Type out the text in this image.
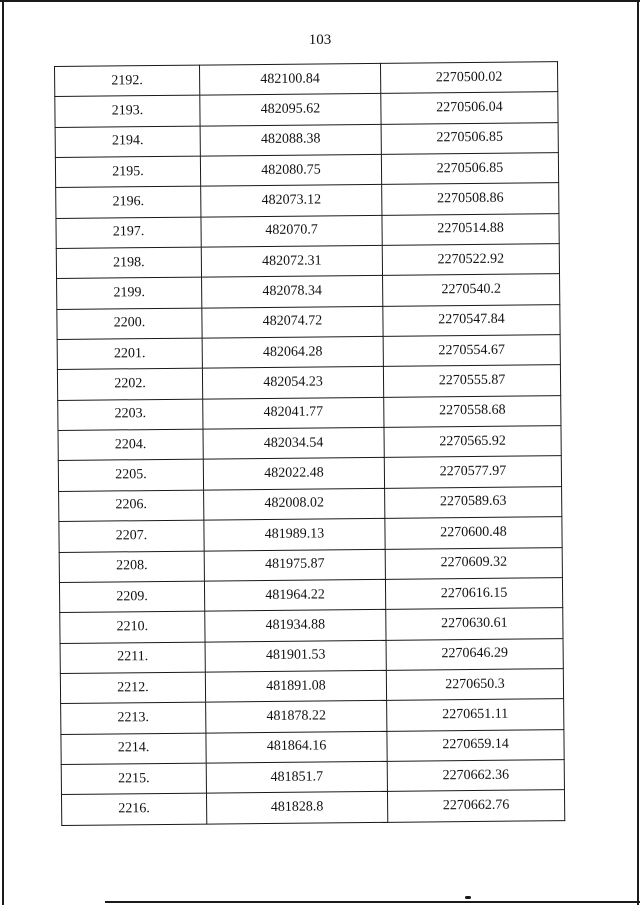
103
2192.	482100.84	2270500.02
2193.	482095.62	2270506.04
2194.	482088.38	2270506.85
2195.	482080.75	2270506.85
2196.	482073.12	2270508.86
2197.	482070.7	2270514.88
2198.	482072.31	2270522.92
2199.	482078.34	2270540.2
2200.	482074.72	2270547.84
2201.	482064.28	2270554.67
2202.	482054.23	2270555.87
2203.	482041.77	2270558.68
2204.	482034.54	2270565.92
2205.	482022.48	2270577.97
2206.	482008.02	2270589.63
2207.	481989.13	2270600.48
2208.	481975.87	2270609.32
2209.	481964.22	2270616.15
2210.	481934.88	2270630.61
2211.	481901.53	2270646.29
2212.	481891.08	2270650.3
2213.	481878.22	2270651.11
2214.	481864.16	2270659.14
2215.	481851.7	2270662.36
2216.	481828.8	2270662.76
